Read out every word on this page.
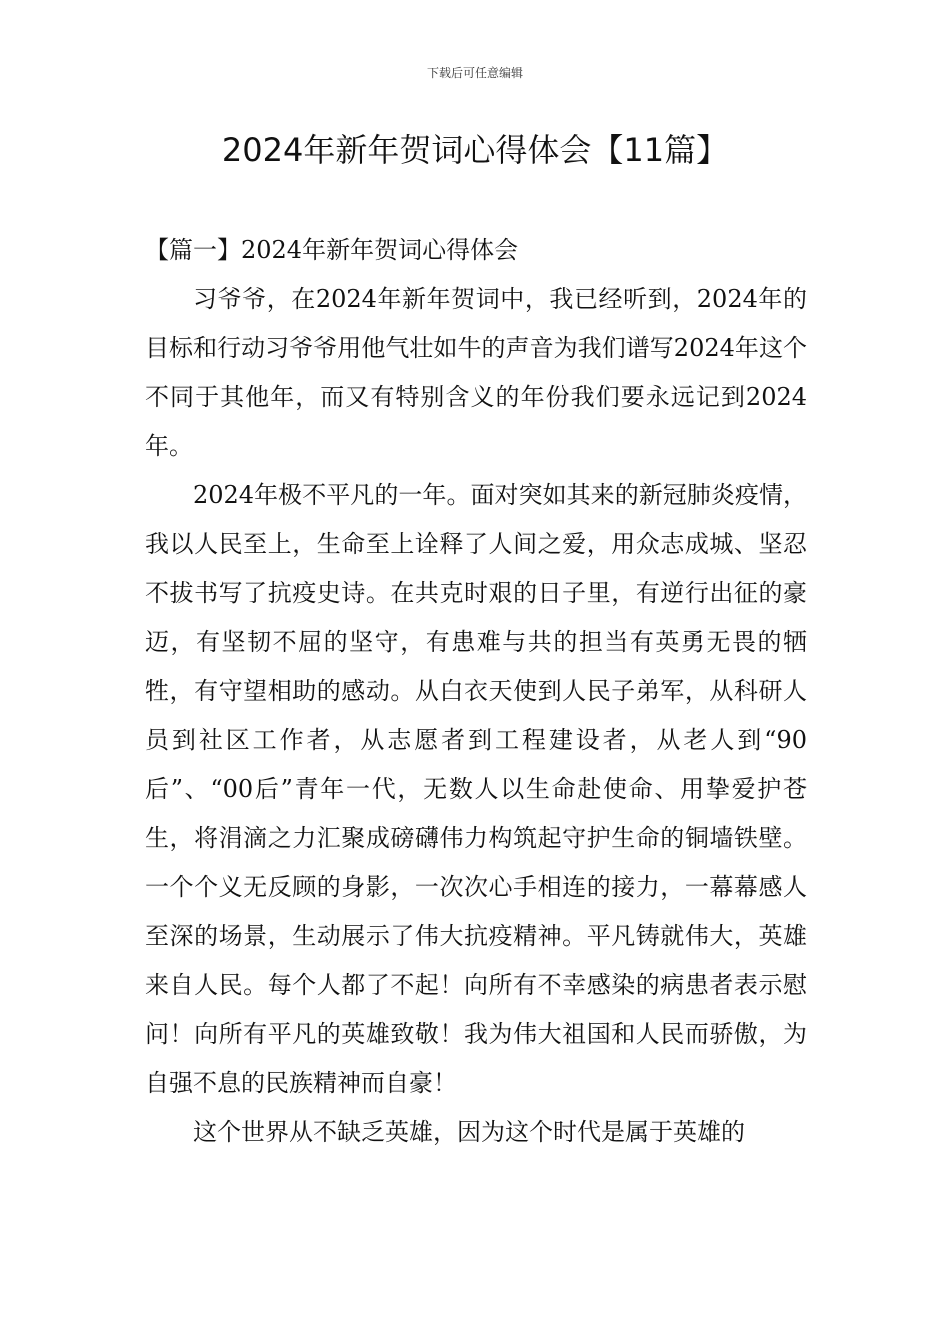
下载后可任意编辑
2024年新年贺词心得体会【11篇】
【篇一】2024年新年贺词心得体会

习爷爷，在2024年新年贺词中，我已经听到，2024年的目标和行动习爷爷用他气壮如牛的声音为我们谱写2024年这个不同于其他年，而又有特别含义的年份我们要永远记到2024年。

2024年极不平凡的一年。面对突如其来的新冠肺炎疫情，我以人民至上，生命至上诠释了人间之爱，用众志成城、坚忍不拔书写了抗疫史诗。在共克时艰的日子里，有逆行出征的豪迈，有坚韧不屈的坚守，有患难与共的担当有英勇无畏的牺牲，有守望相助的感动。从白衣天使到人民子弟军，从科研人员到社区工作者，从志愿者到工程建设者，从老人到“90后”、“00后”青年一代，无数人以生命赴使命、用挚爱护苍生，将涓滴之力汇聚成磅礴伟力构筑起守护生命的铜墙铁壁。一个个义无反顾的身影，一次次心手相连的接力，一幕幕感人至深的场景，生动展示了伟大抗疫精神。平凡铸就伟大，英雄来自人民。每个人都了不起！向所有不幸感染的病患者表示慰问！向所有平凡的英雄致敬！我为伟大祖国和人民而骄傲，为自强不息的民族精神而自豪！

这个世界从不缺乏英雄，因为这个时代是属于英雄的
